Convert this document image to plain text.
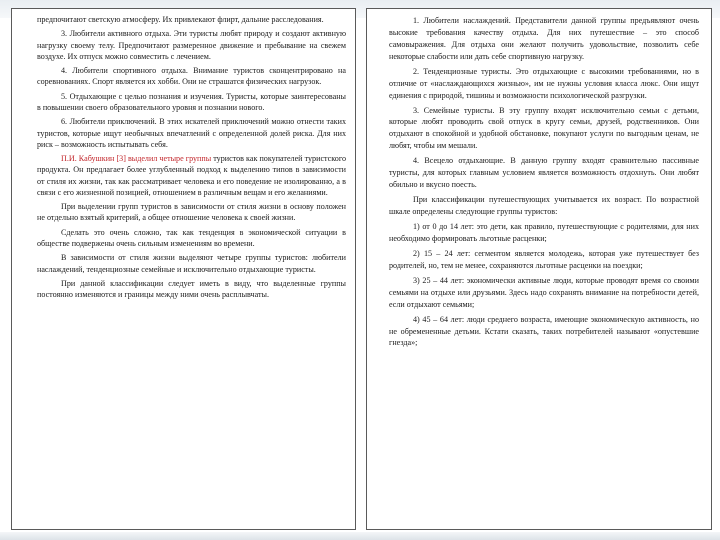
предпочитают светскую атмосферу. Их привлекают флирт, дальние расследования.

3. Любители активного отдыха. Эти туристы любят природу и создают активную нагрузку своему телу. Предпочитают размеренное движение и пребывание на свежем воздухе. Их отпуск можно совместить с лечением.

4. Любители спортивного отдыха. Внимание туристов сконцентрировано на соревнованиях. Спорт является их хобби. Они не страшатся физических нагрузок.

5. Отдыхающие с целью познания и изучения. Туристы, которые заинтересованы в повышении своего образовательного уровня и познании нового.

6. Любители приключений. В этих искателей приключений можно отнести таких туристов, которые ищут необычных впечатлений с определенной долей риска. Для них риск – возможность испытывать себя.

П.И. Кабушкин [3] выделил четыре группы туристов как покупателей туристского продукта. Он предлагает более углубленный подход к выделению типов в зависимости от стиля их жизни, так как рассматривает человека и его поведение не изолированно, а в связи с его жизненной позицией, отношением в различным вещам и его желаниями.

При выделении групп туристов в зависимости от стиля жизни в основу положен не отдельно взятый критерий, а общее отношение человека к своей жизни.

Сделать это очень сложно, так как тенденция в экономической ситуации в обществе подвержены очень сильным изменениям во времени.

В зависимости от стиля жизни выделяют четыре группы туристов: любители наслаждений, тенденциозные семейные и исключительно отдыхающие туристы.

При данной классификации следует иметь в виду, что выделенные группы постоянно изменяются и границы между ними очень расплывчаты.

1. Любители наслаждений. Представители данной группы предъявляют очень высокие требования качеству отдыха. Для них путешествие – это способ самовыражения. Для отдыха они желают получить удовольствие, позволить себе некоторые слабости или дать себе спортивную нагрузку.

2. Тенденциозные туристы. Это отдыхающие с высокими требованиями, но в отличие от «наслаждающихся жизнью», им не нужны условия класса люкс. Они ищут единения с природой, тишины и возможности психологической разгрузки.

3. Семейные туристы. В эту группу входят исключительно семьи с детьми, которые любят проводить свой отпуск в кругу семьи, друзей, родственников. Они отдыхают в спокойной и удобной обстановке, покупают услуги по выгодным ценам, не любят, чтобы им мешали.

4. Всецело отдыхающие. В данную группу входят сравнительно пассивные туристы, для которых главным условием является возможность отдохнуть. Они любят обильно и вкусно поесть.

При классификации путешествующих учитывается их возраст. По возрастной шкале определены следующие группы туристов:

1) от 0 до 14 лет: это дети, как правило, путешествующие с родителями, для них необходимо формировать льготные расценки;

2) 15 – 24 лет: сегментом является молодежь, которая уже путешествует без родителей, но, тем не менее, сохраняются льготные расценки на поездки;

3) 25 – 44 лет: экономически активные люди, которые проводят время со своими семьями на отдыхе или друзьями. Здесь надо сохранять внимание на потребности детей, если отдыхают семьями;

4) 45 – 64 лет: люди среднего возраста, имеющие экономическую активность, но не обремененные детьми. Кстати сказать, таких потребителей называют «опустевшие гнезда»;
